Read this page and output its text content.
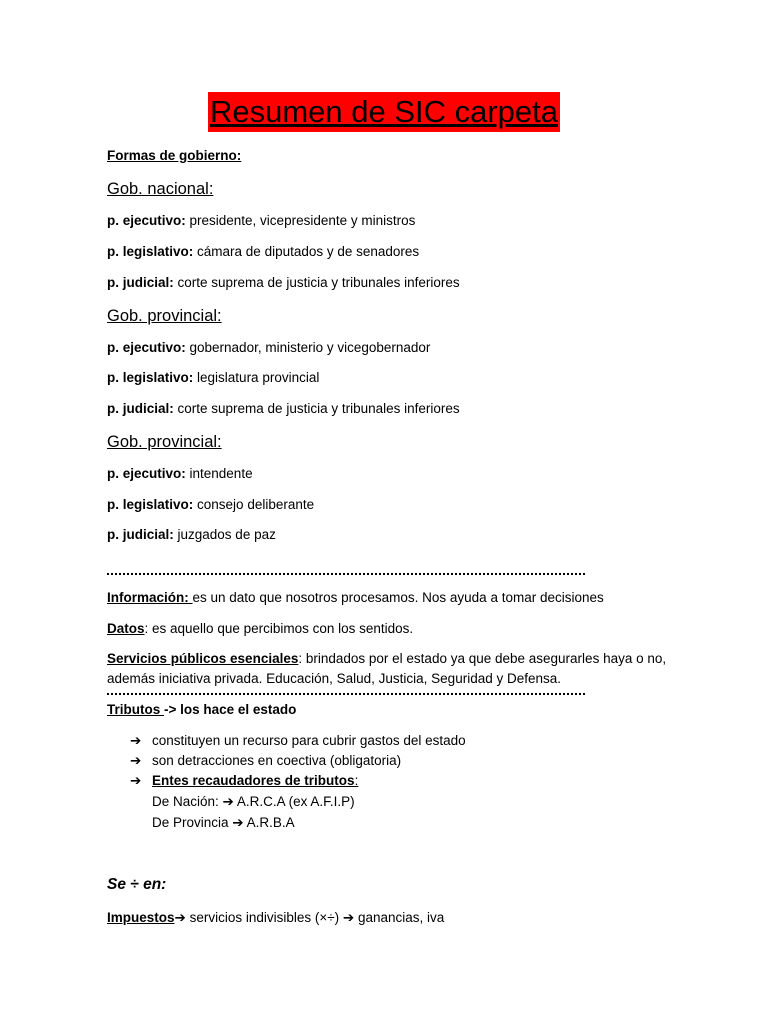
Resumen de SIC carpeta
Formas de gobierno:
Gob. nacional:
p. ejecutivo: presidente, vicepresidente y ministros
p. legislativo: cámara de diputados y de senadores
p. judicial: corte suprema de justicia y tribunales inferiores
Gob. provincial:
p. ejecutivo: gobernador, ministerio y vicegobernador
p. legislativo: legislatura provincial
p. judicial: corte suprema de justicia y tribunales inferiores
Gob. provincial:
p. ejecutivo: intendente
p. legislativo: consejo deliberante
p. judicial: juzgados de paz
Información: es un dato que nosotros procesamos. Nos ayuda a tomar decisiones
Datos: es aquello que percibimos con los sentidos.
Servicios públicos esenciales: brindados por el estado ya que debe asegurarles haya o no,
además iniciativa privada. Educación, Salud, Justicia, Seguridad y Defensa.
Tributos -> los hace el estado
➔ constituyen un recurso para cubrir gastos del estado
➔ son detracciones en coectiva (obligatoria)
➔ Entes recaudadores de tributos:
De Nación: ➔ A.R.C.A (ex A.F.I.P)
De Provincia ➔ A.R.B.A
Se ÷ en:
Impuestos➔ servicios indivisibles (×÷) ➔ ganancias, iva
